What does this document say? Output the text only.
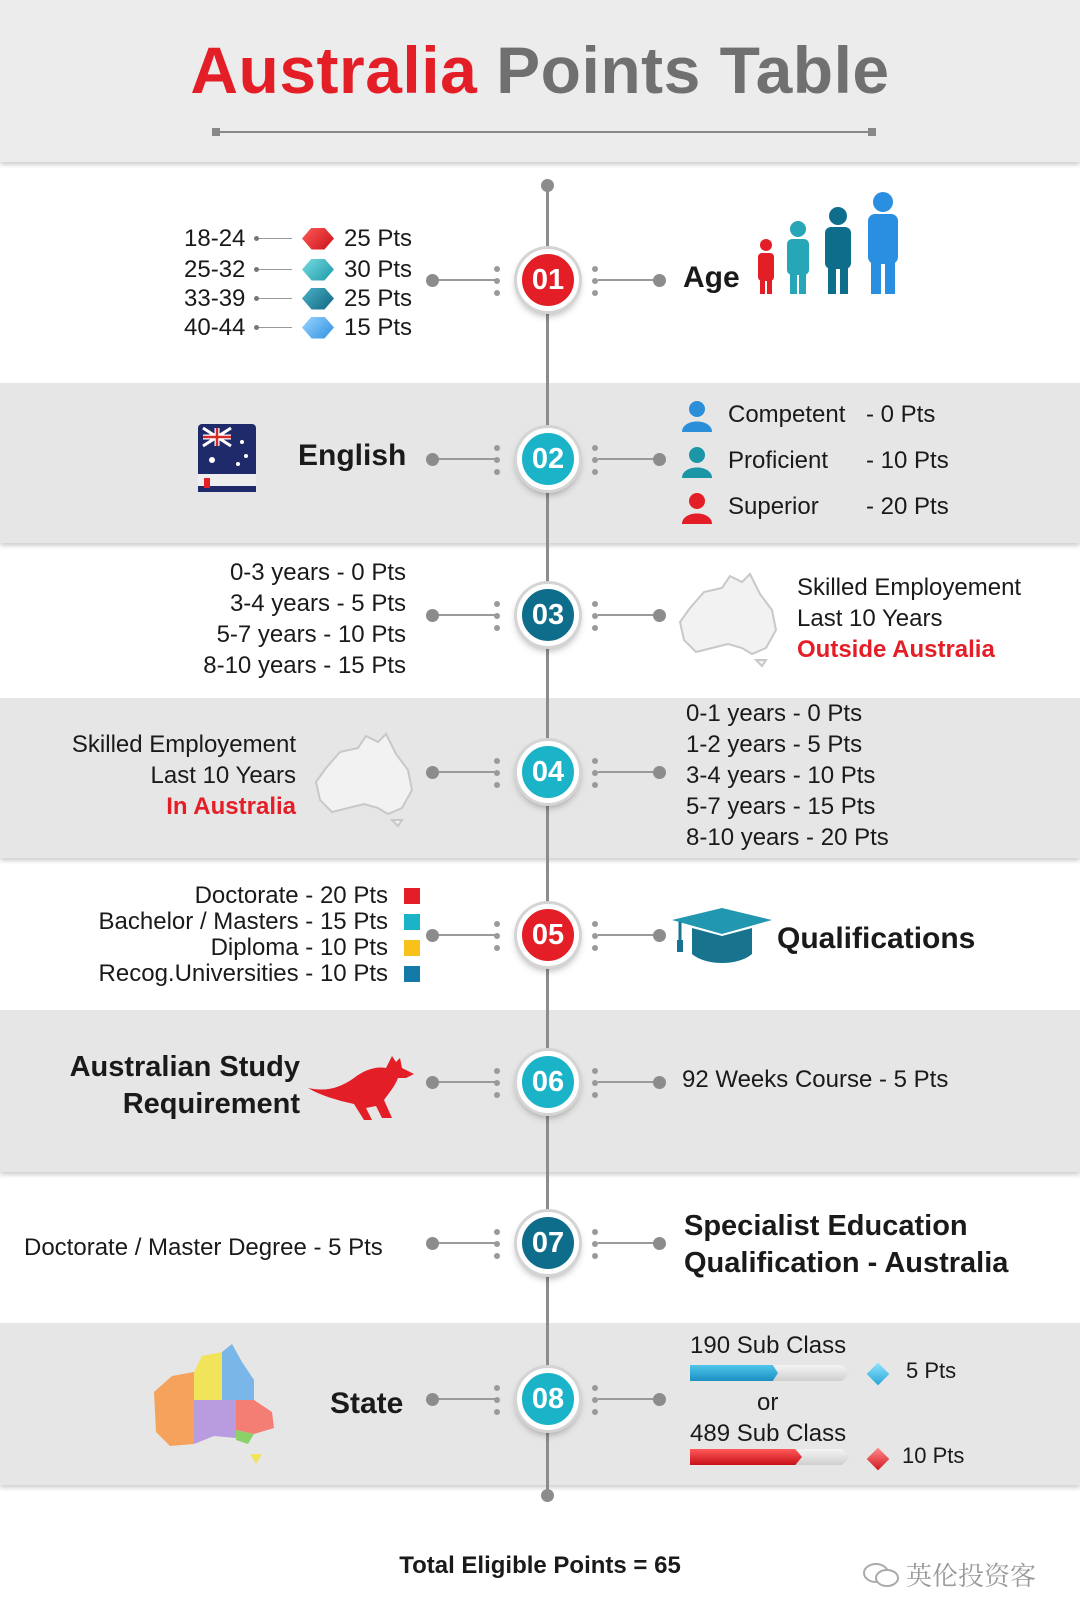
Australia Points Table
01
02
03
04
05
06
07
08
18-24	25 Pts
25-32	30 Pts
33-39	25 Pts
40-44	15 Pts
Age
English
Competent - 0 Pts
Proficient	- 10 Pts
Superior	- 20 Pts
0-3 years - 0 Pts
3-4 years - 5 Pts
5-7 years - 10 Pts
8-10 years - 15 Pts
Skilled Employement
Last 10 Years
Outside Australia
Skilled Employement
Last 10 Years
In Australia
0-1 years - 0 Pts
1-2 years - 5 Pts
3-4 years - 10 Pts
5-7 years - 15 Pts
8-10 years - 20 Pts
Doctorate - 20 Pts
Bachelor / Masters - 15 Pts
Diploma - 10 Pts
Recog.Universities - 10 Pts
Qualifications
Australian Study
Requirement
92 Weeks Course - 5 Pts
Doctorate / Master Degree - 5 Pts
Specialist Education
Qualification - Australia
State
190 Sub Class
5 Pts
or
489 Sub Class
10 Pts
Total Eligible Points = 65	英伦投资客
